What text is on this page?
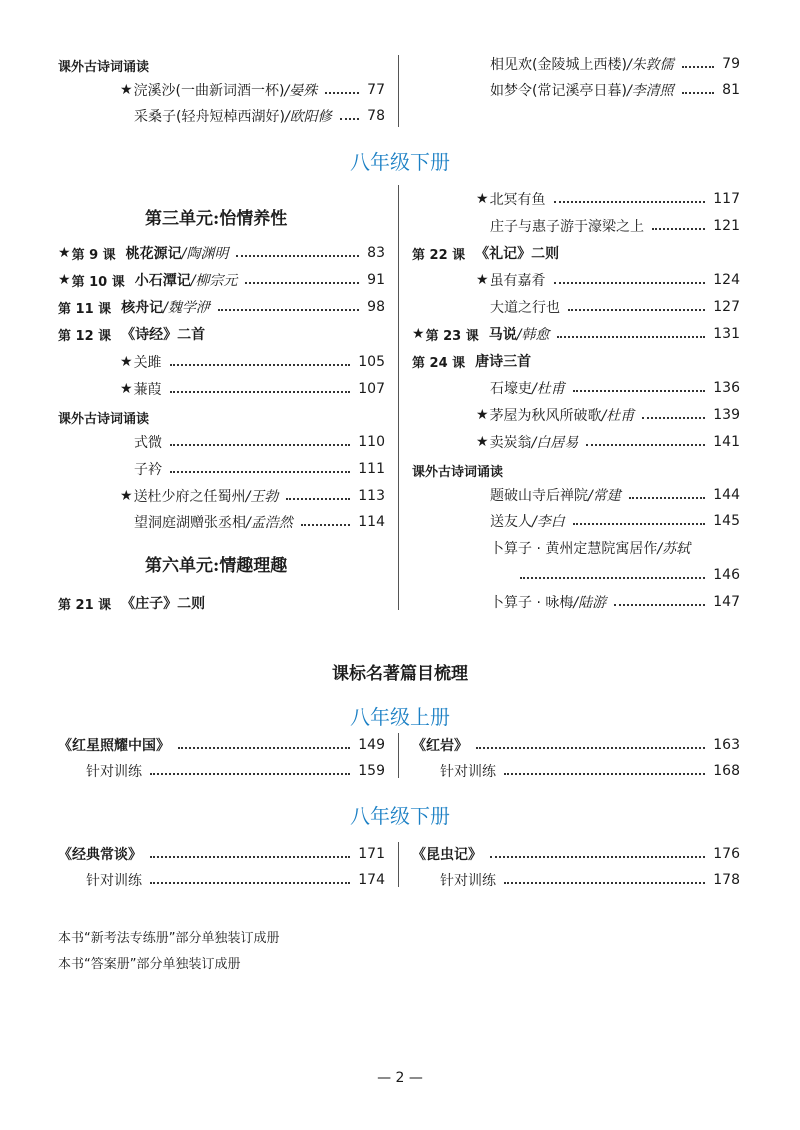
课外古诗词诵读
★ 浣溪沙(一曲新词酒一杯) /晏殊	77
采桑子(轻舟短棹西湖好) /欧阳修	78
相见欢(金陵城上西楼) /朱敦儒	79
如梦令(常记溪亭日暮) /李清照	81
八年级下册
第三单元:怡情养性
★ 第 9 课 桃花源记 /陶渊明	83
★ 第 10 课 小石潭记 /柳宗元	91
第 11 课 核舟记 /魏学洢	98
第 12 课 《诗经》二首
★ 关雎	105
★ 蒹葭	107
课外古诗词诵读
式微	110
子衿	111
★ 送杜少府之任蜀州 /王勃	113
望洞庭湖赠张丞相 /孟浩然	114
第六单元:情趣理趣
第 21 课 《庄子》二则
★ 北冥有鱼	117
庄子与惠子游于濠梁之上	121
第 22 课 《礼记》二则
★ 虽有嘉肴	124
大道之行也	127
★ 第 23 课 马说 /韩愈	131
第 24 课 唐诗三首
石壕吏 /杜甫	136
★ 茅屋为秋风所破歌 /杜甫	139
★ 卖炭翁 /白居易	141
课外古诗词诵读
题破山寺后禅院 /常建	144
送友人 /李白	145
卜算子 · 黄州定慧院寓居作 /苏轼
146
卜算子 · 咏梅 /陆游	147
课标名著篇目梳理
八年级上册
《红星照耀中国》	149
针对训练	159
《红岩》	163
针对训练	168
八年级下册
《经典常谈》	171
针对训练	174
《昆虫记》	176
针对训练	178
本书“新考法专练册”部分单独装订成册
本书“答案册”部分单独装订成册
— 2 —
